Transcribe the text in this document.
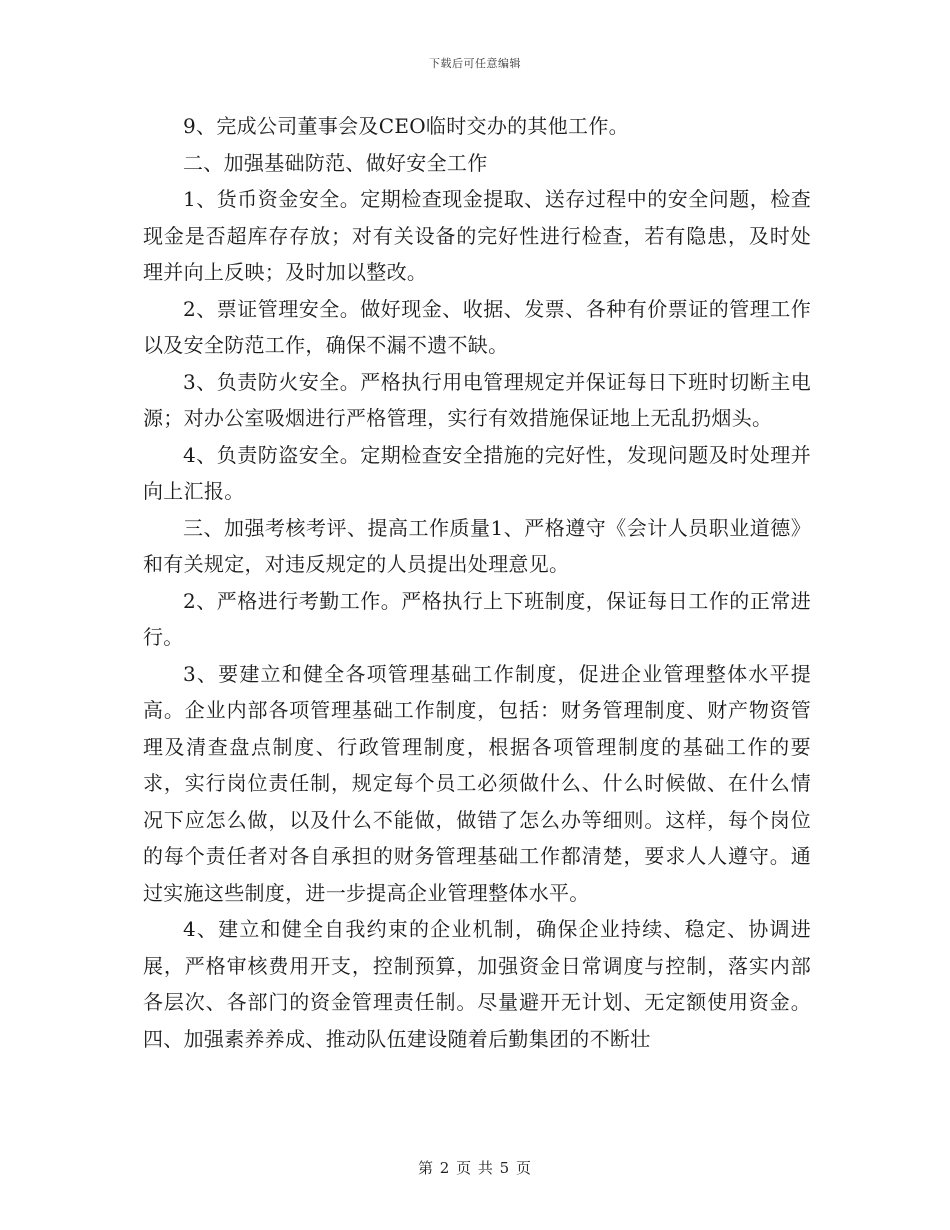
下载后可任意编辑

9、完成公司董事会及CEO临时交办的其他工作。

二、加强基础防范、做好安全工作

1、货币资金安全。定期检查现金提取、送存过程中的安全问题，检查现金是否超库存存放；对有关设备的完好性进行检查，若有隐患，及时处理并向上反映；及时加以整改。

2、票证管理安全。做好现金、收据、发票、各种有价票证的管理工作以及安全防范工作，确保不漏不遗不缺。

3、负责防火安全。严格执行用电管理规定并保证每日下班时切断主电源；对办公室吸烟进行严格管理，实行有效措施保证地上无乱扔烟头。

4、负责防盗安全。定期检查安全措施的完好性，发现问题及时处理并向上汇报。

三、加强考核考评、提高工作质量1、严格遵守《会计人员职业道德》和有关规定，对违反规定的人员提出处理意见。

2、严格进行考勤工作。严格执行上下班制度，保证每日工作的正常进行。

3、要建立和健全各项管理基础工作制度，促进企业管理整体水平提高。企业内部各项管理基础工作制度，包括：财务管理制度、财产物资管理及清查盘点制度、行政管理制度，根据各项管理制度的基础工作的要求，实行岗位责任制，规定每个员工必须做什么、什么时候做、在什么情况下应怎么做，以及什么不能做，做错了怎么办等细则。这样，每个岗位的每个责任者对各自承担的财务管理基础工作都清楚，要求人人遵守。通过实施这些制度，进一步提高企业管理整体水平。

4、建立和健全自我约束的企业机制，确保企业持续、稳定、协调进展，严格审核费用开支，控制预算，加强资金日常调度与控制，落实内部各层次、各部门的资金管理责任制。尽量避开无计划、无定额使用资金。 四、加强素养养成、推动队伍建设随着后勤集团的不断壮

第 2 页 共 5 页
